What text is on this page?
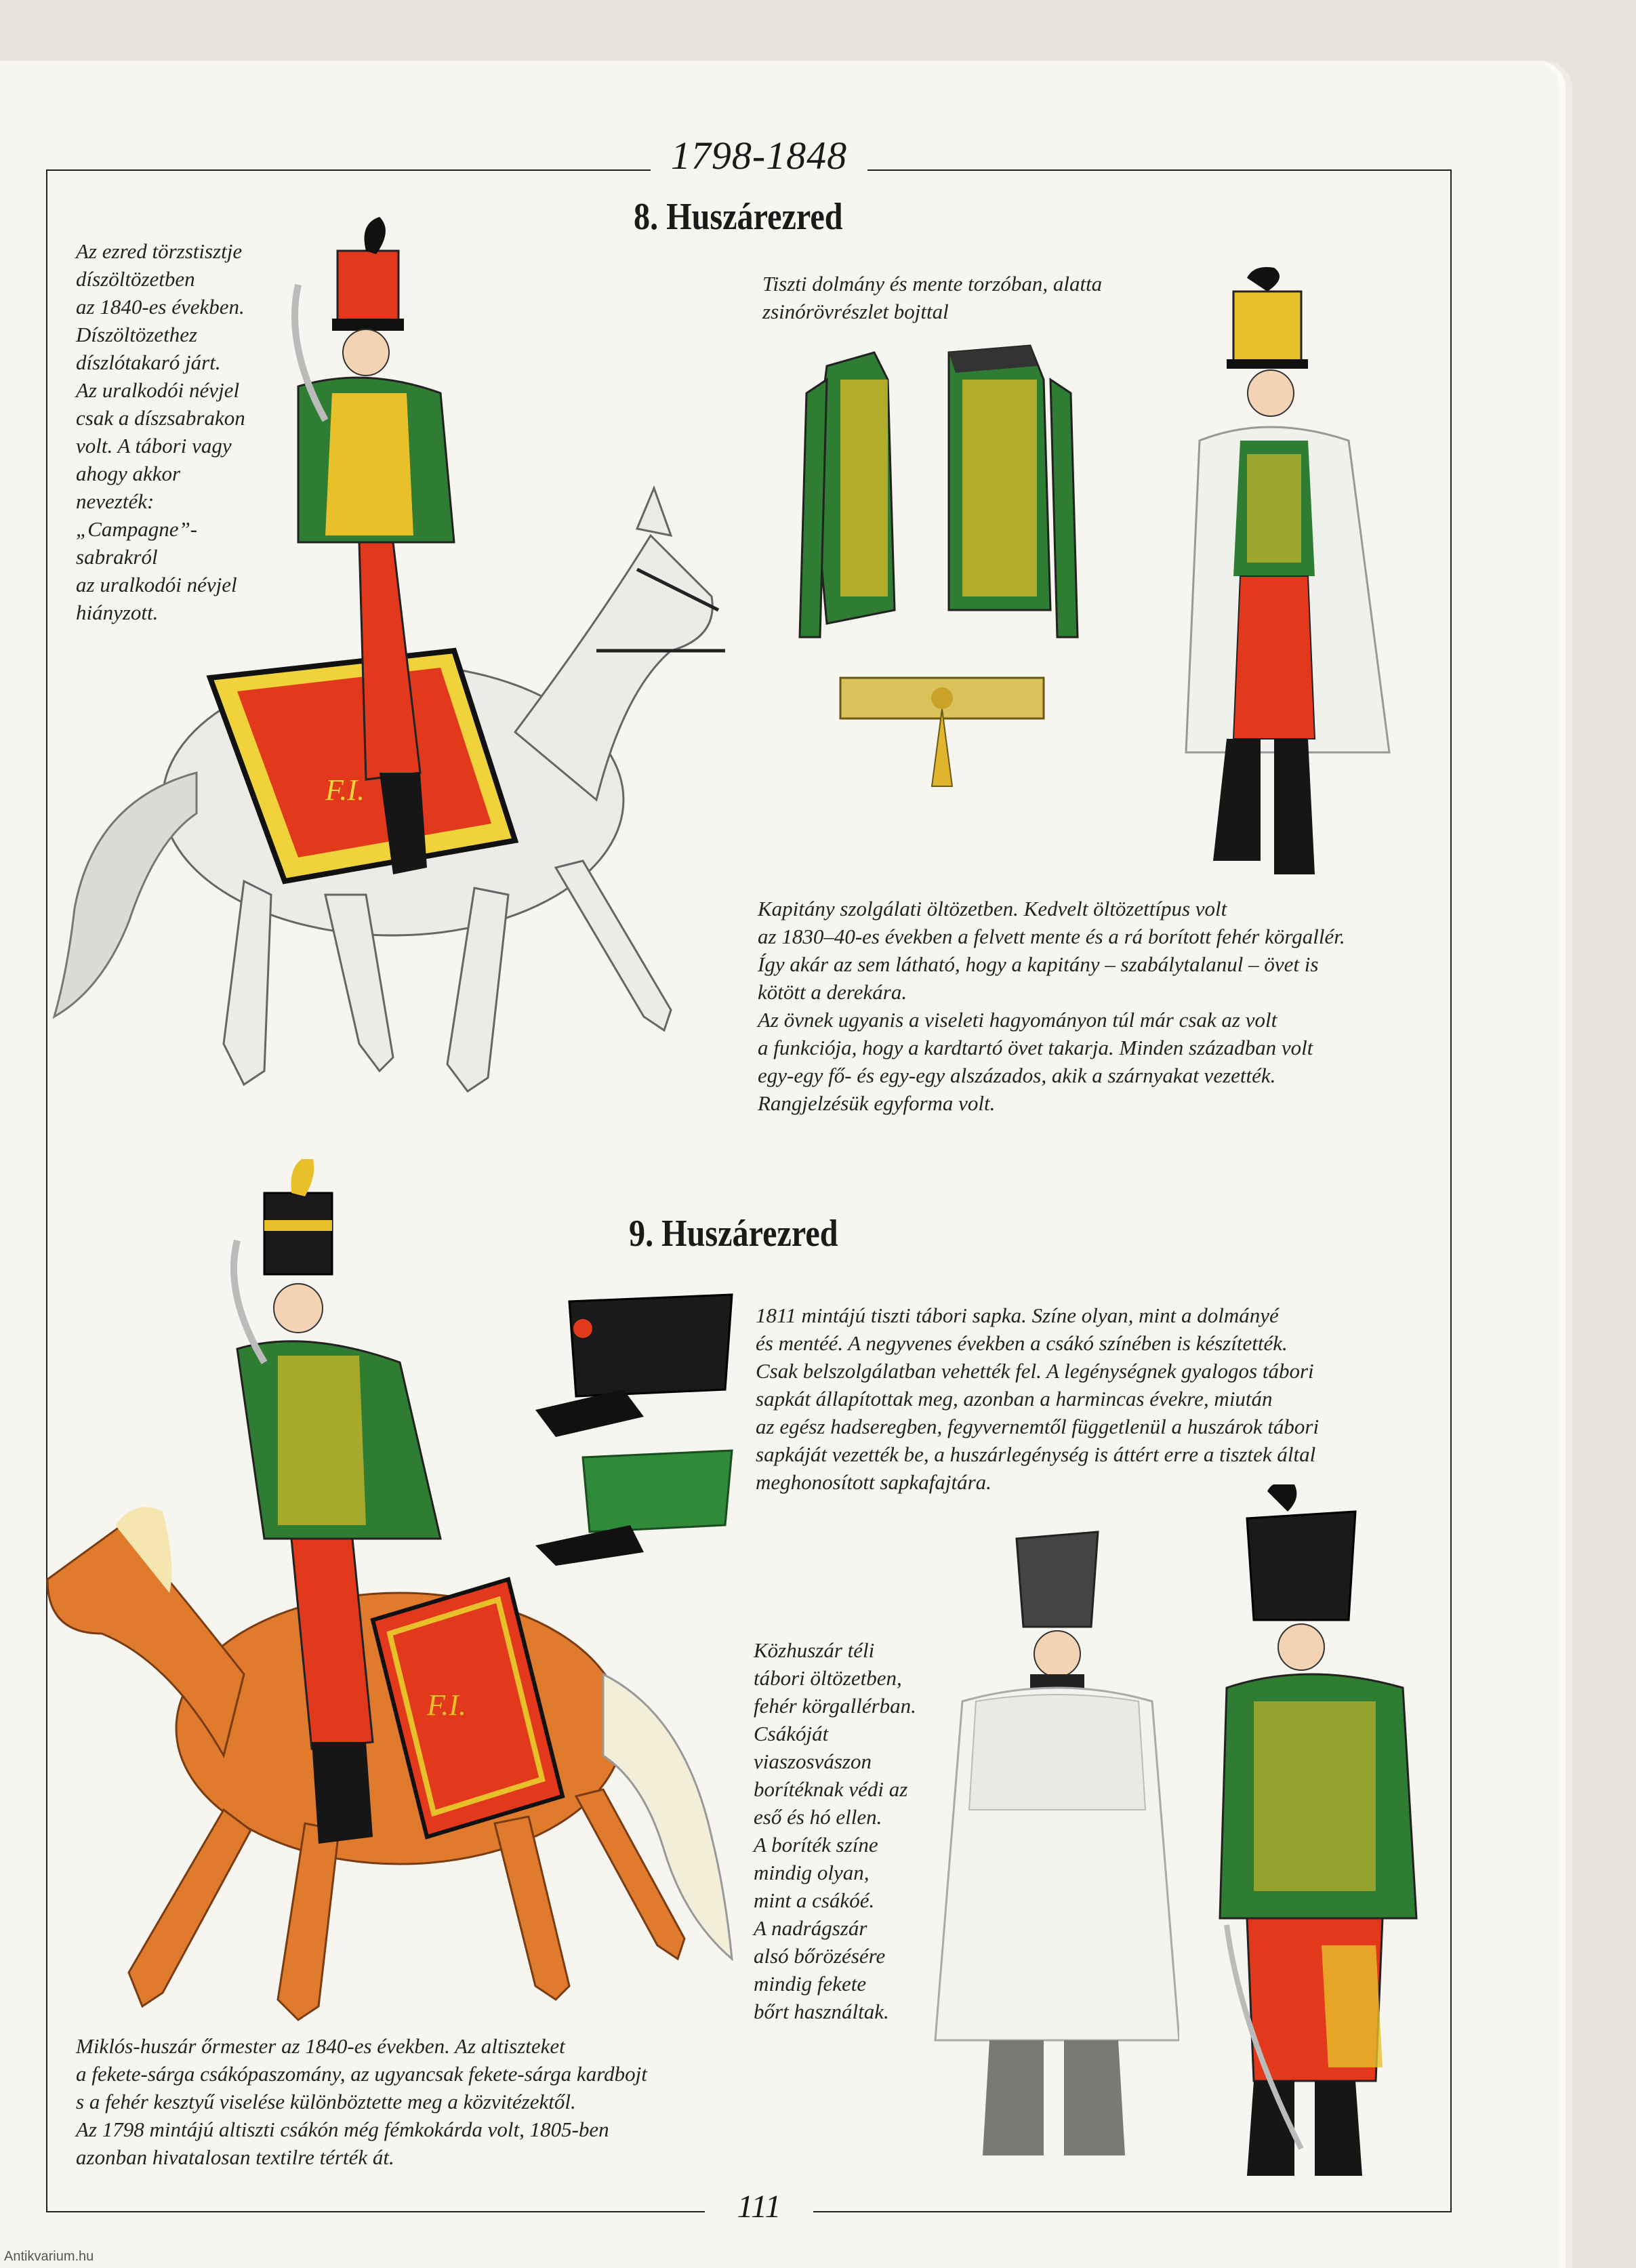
1798-1848
8. Huszárezred
Az ezred törzstisztje
díszöltözetben
az 1840-es években.
Díszöltözethez
díszlótakaró járt.
Az uralkodói névjel
csak a díszsabrakon
volt. A tábori vagy
ahogy akkor
nevezték:
„Campagne”-
sabrakról
az uralkodói névjel
hiányzott.
Tiszti dolmány és mente torzóban, alatta
zsinórövrészlet bojttal
Kapitány szolgálati öltözetben. Kedvelt öltözettípus volt
az 1830–40-es években a felvett mente és a rá borított fehér körgallér.
Így akár az sem látható, hogy a kapitány – szabálytalanul – övet is
kötött a derekára.
Az övnek ugyanis a viseleti hagyományon túl már csak az volt
a funkciója, hogy a kardtartó övet takarja. Minden században volt
egy-egy fő- és egy-egy alszázados, akik a szárnyakat vezették.
Rangjelzésük egyforma volt.
F.I.
9. Huszárezred
1811 mintájú tiszti tábori sapka. Színe olyan, mint a dolmányé
és mentéé. A negyvenes években a csákó színében is készítették.
Csak belszolgálatban vehették fel. A legénységnek gyalogos tábori
sapkát állapítottak meg, azonban a harmincas évekre, miután
az egész hadseregben, fegyvernemtől függetlenül a huszárok tábori
sapkáját vezették be, a huszárlegénység is áttért erre a tisztek által
meghonosított sapkafajtára.
Közhuszár téli
tábori öltözetben,
fehér körgallérban.
Csákóját
viaszosvászon
borítéknak védi az
eső és hó ellen.
A boríték színe
mindig olyan,
mint a csákóé.
A nadrágszár
alsó bőrözésére
mindig fekete
bőrt használtak.
Miklós-huszár őrmester az 1840-es években. Az altiszteket
a fekete-sárga csákópaszomány, az ugyancsak fekete-sárga kardbojt
s a fehér kesztyű viselése különböztette meg a közvitézektől.
Az 1798 mintájú altiszti csákón még fémkokárda volt, 1805-ben
azonban hivatalosan textilre térték át.
F.I.
111
Antikvarium.hu
